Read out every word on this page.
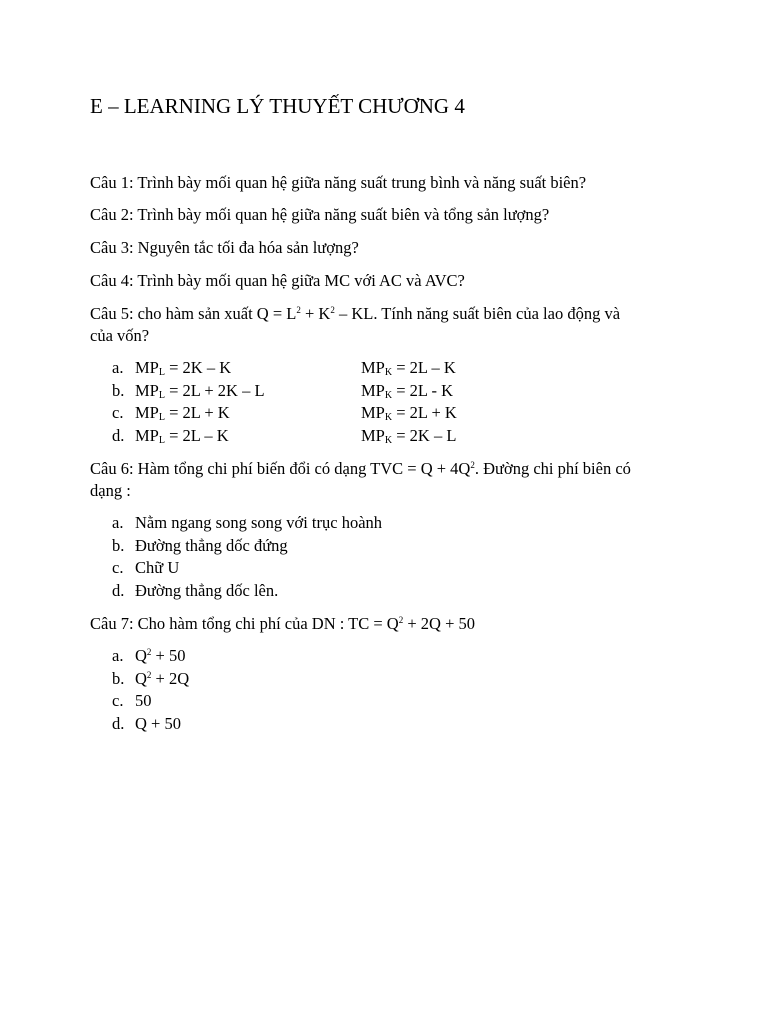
E – LEARNING LÝ THUYẾT CHƯƠNG 4

Câu 1: Trình bày mối quan hệ giữa năng suất trung bình và năng suất biên?

Câu 2: Trình bày mối quan hệ giữa năng suất biên và tổng sản lượng?

Câu 3: Nguyên tắc tối đa hóa sản lượng?

Câu 4: Trình bày mối quan hệ giữa MC với AC và AVC?

Câu 5: cho hàm sản xuất $Q = L^2 + K^2$ – KL. Tính năng suất biên của lao động và
của vốn?

a. $MP_L = 2K - K$	$MP_K = 2L - K$
b. $MP_L = 2L + 2K - L$	$MP_K = 2L - K$
c. $MP_L = 2L + K$	$MP_K = 2L + K$
d. $MP_L = 2L - K$	$MP_K = 2K - L$

Câu 6: Hàm tổng chi phí biến đổi có dạng TVC = $Q + 4Q^2$. Đường chi phí biên có
dạng :

a. Nằm ngang song song với trục hoành
b. Đường thẳng dốc đứng
c. Chữ U
d. Đường thẳng dốc lên.

Câu 7: Cho hàm tổng chi phí của DN : TC = $Q^2 + 2Q + 50$

a. $Q^2 + 50$
b. $Q^2 + 2Q$
c. 50
d. Q + 50
